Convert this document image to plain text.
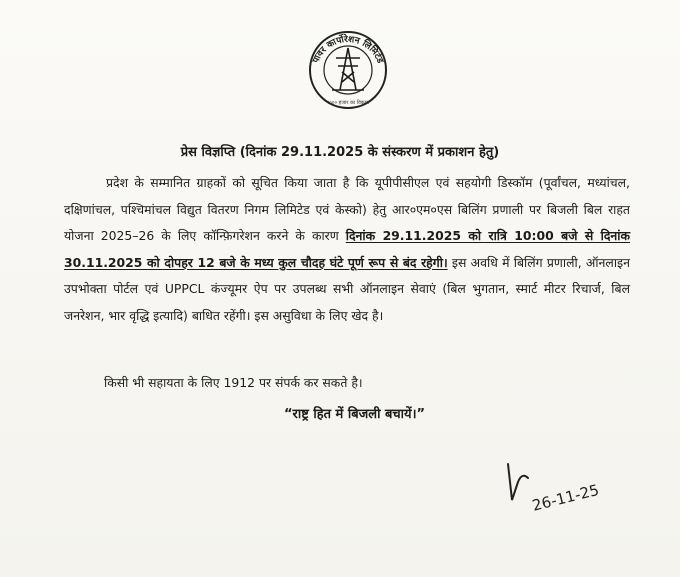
पावर कार्पोरेशन लिमिटेड
१००० हजार का विकास
प्रेस विज्ञप्ति (दिनांक 29.11.2025 के संस्करण में प्रकाशन हेतु)

प्रदेश के सम्मानित ग्राहकों को सूचित किया जाता है कि यूपीपीसीएल एवं सहयोगी डिस्कॉम (पूर्वांचल, मध्यांचल, दक्षिणांचल, पश्चिमांचल विद्युत वितरण निगम लिमिटेड एवं केस्को) हेतु आर०एम०एस बिलिंग प्रणाली पर बिजली बिल राहत योजना 2025–26 के लिए कॉन्फ़िगरेशन करने के कारण दिनांक 29.11.2025 को रात्रि 10:00 बजे से दिनांक 30.11.2025 को दोपहर 12 बजे के मध्य कुल चौदह घंटे पूर्ण रूप से बंद रहेगी। इस अवधि में बिलिंग प्रणाली, ऑनलाइन उपभोक्ता पोर्टल एवं UPPCL कंज्यूमर ऐप पर उपलब्ध सभी ऑनलाइन सेवाएं (बिल भुगतान, स्मार्ट मीटर रिचार्ज, बिल जनरेशन, भार वृद्धि इत्यादि) बाधित रहेंगी। इस असुविधा के लिए खेद है।

किसी भी सहायता के लिए 1912 पर संपर्क कर सकते है।
“राष्ट्र हित में बिजली बचायें।”
26-11-25
